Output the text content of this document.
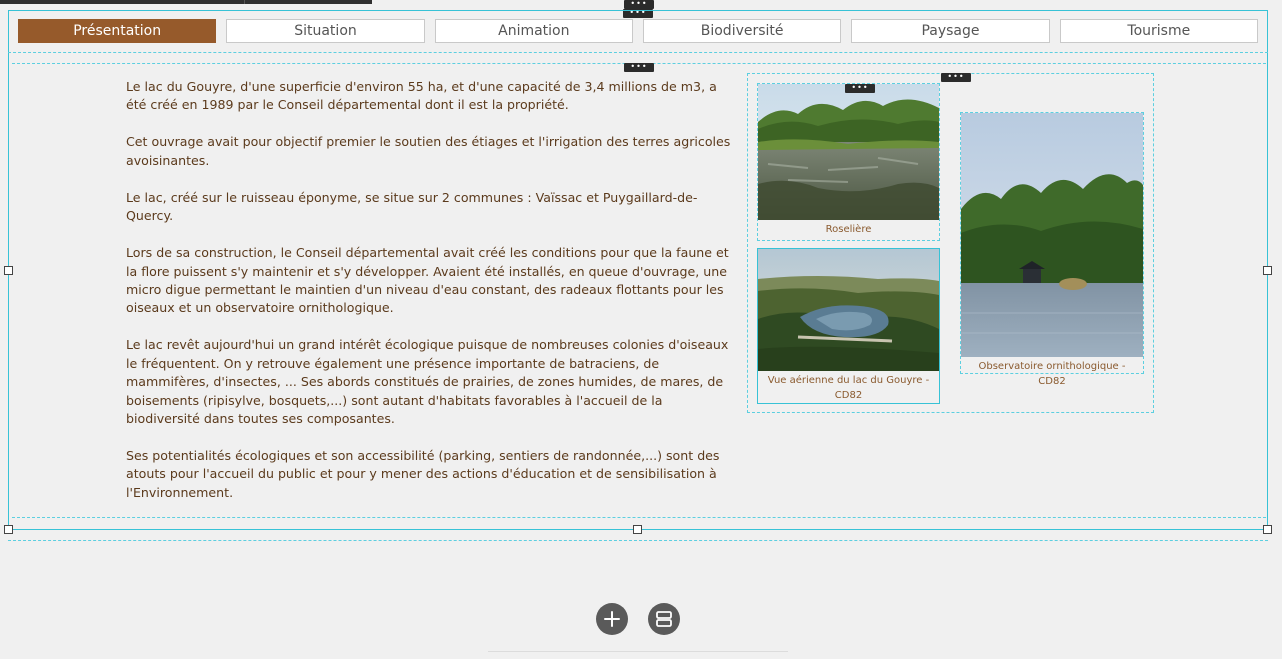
•••
•••
Présentation	Situation	Animation	Biodiversité	Paysage	Tourisme
•••

Le lac du Gouyre, d'une superficie d'environ 55 ha, et d'une capacité de 3,4 millions de m3, a été créé en 1989 par le Conseil départemental dont il est la propriété.

Cet ouvrage avait pour objectif premier le soutien des étiages et l'irrigation des terres agricoles avoisinantes.

Le lac, créé sur le ruisseau éponyme, se situe sur 2 communes : Vaïssac et Puygaillard-de-Quercy.

Lors de sa construction, le Conseil départemental avait créé les conditions pour que la faune et la flore puissent s'y maintenir et s'y développer. Avaient été installés, en queue d'ouvrage, une micro digue permettant le maintien d'un niveau d'eau constant, des radeaux flottants pour les oiseaux et un observatoire ornithologique.

Le lac revêt aujourd'hui un grand intérêt écologique puisque de nombreuses colonies d'oiseaux le fréquentent. On y retrouve également une présence importante de batraciens, de mammifères, d'insectes, ... Ses abords constitués de prairies, de zones humides, de mares, de boisements (ripisylve, bosquets,...) sont autant d'habitats favorables à l'accueil de la biodiversité dans toutes ses composantes.

Ses potentialités écologiques et son accessibilité (parking, sentiers de randonnée,...) sont des atouts pour l'accueil du public et pour y mener des actions d'éducation et de sensibilisation à l'Environnement.

•••
Roselière
•••
Vue aérienne du lac du Gouyre - CD82
Observatoire ornithologique - CD82
